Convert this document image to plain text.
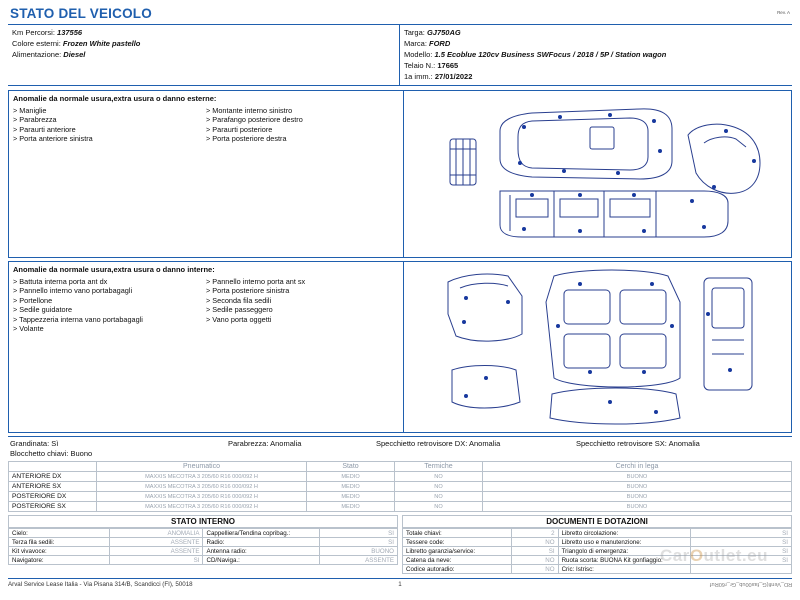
Rev. A
STATO DEL VEICOLO
Km Percorsi: 137556
Colore esterni: Frozen White pastello
Alimentazione: Diesel
Targa: GJ750AG
Marca: FORD
Modello: 1.5 Ecoblue 120cv Business SWFocus / 2018 / 5P / Station wagon
Telaio N.: 17665
1a imm.: 27/01/2022
Anomalie da normale usura,extra usura o danno esterne:
> Maniglie
> Parabrezza
> Paraurti anteriore
> Porta anteriore sinistra
> Montante interno sinistro
> Parafango posteriore destro
> Paraurti posteriore
> Porta posteriore destra
Anomalie da normale usura,extra usura o danno interne:
> Battuta interna porta ant dx
> Pannello interno vano portabagagli
> Portellone
> Sedile guidatore
> Tappezzeria interna vano portabagagli
> Volante
> Pannello interno porta ant sx
> Porta posteriore sinistra
> Seconda fila sedili
> Sedile passeggero
> Vano porta oggetti
Grandinata: Sì	Parabrezza: Anomalia	Specchietto retrovisore DX: Anomalia	Specchietto retrovisore SX: Anomalia
Blocchetto chiavi: Buono
	Pneumatico	Stato	Termiche	Cerchi in lega
ANTERIORE DX	MAXXIS MECOTRA 3 205/60 R16 000/092 H	MEDIO	NO	BUONO
ANTERIORE SX	MAXXIS MECOTRA 3 205/60 R16 000/092 H	MEDIO	NO	BUONO
POSTERIORE DX	MAXXIS MECOTRA 3 205/60 R16 000/092 H	MEDIO	NO	BUONO
POSTERIORE SX	MAXXIS MECOTRA 3 205/60 R16 000/092 H	MEDIO	NO	BUONO
STATO INTERNO
Cielo:	ANOMALIA	Cappelliera/Tendina copribag.:	SI
Terza fila sedili:	ASSENTE	Radio:	SI
Kit vivavoce:	ASSENTE	Antenna radio:	BUONO
Navigatore:	SI	CD/Naviga.:	ASSENTE
DOCUMENTI E DOTAZIONI
Totale chiavi:	2	Libretto circolazione:	SI
Tessere code:	NO	Libretto uso e manutenzione:	SI
Libretto garanzia/service:	SI	Triangolo di emergenza:	SI
Catena da neve:	NO	Ruota scorta: BUONA Kit gonfiaggio:	SI
Codice autoradio:	NO	Cric: Istrisc:	
CarOutlet.eu
Arval Service Lease Italia - Via Pisana 314/B, Scandicci (FI), 50018	1	RD_Venfi(G_fas00ub_Gr_r60Ruf
